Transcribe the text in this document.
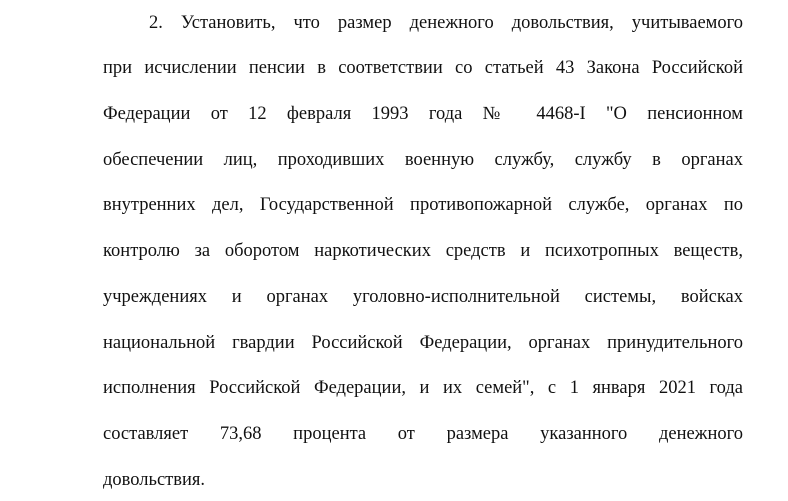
2. Установить, что размер денежного довольствия, учитываемого
при исчислении пенсии в соответствии со статьей 43 Закона Российской
Федерации от 12 февраля 1993 года № 4468-I "О пенсионном
обеспечении лиц, проходивших военную службу, службу в органах
внутренних дел, Государственной противопожарной службе, органах по
контролю за оборотом наркотических средств и психотропных веществ,
учреждениях и органах уголовно-исполнительной системы, войсках
национальной гвардии Российской Федерации, органах принудительного
исполнения Российской Федерации, и их семей", с 1 января 2021 года
составляет 73,68 процента от размера указанного денежного
довольствия.
